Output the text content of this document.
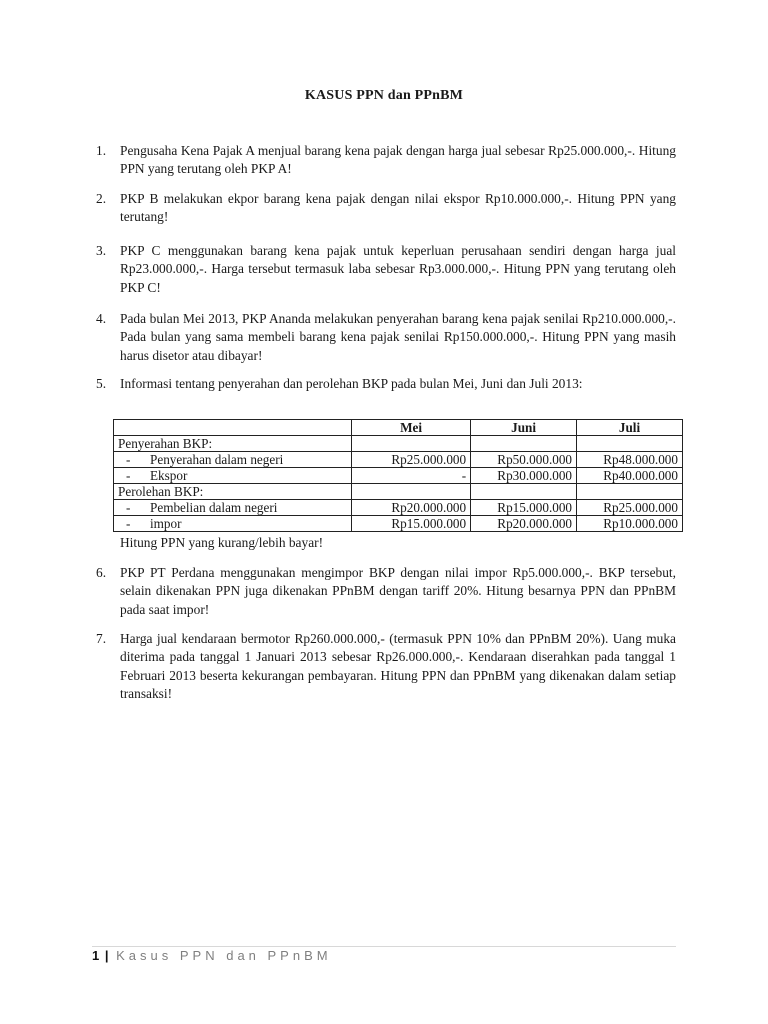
KASUS PPN dan PPnBM
1.	Pengusaha Kena Pajak A menjual barang kena pajak dengan harga jual sebesar Rp25.000.000,-. Hitung PPN yang terutang oleh PKP A!
2.	PKP B melakukan ekpor barang kena pajak dengan nilai ekspor Rp10.000.000,-. Hitung PPN yang terutang!
3.	PKP C menggunakan barang kena pajak untuk keperluan perusahaan sendiri dengan harga jual Rp23.000.000,-. Harga tersebut termasuk laba sebesar Rp3.000.000,-. Hitung PPN yang terutang oleh PKP C!
4.	Pada bulan Mei 2013, PKP Ananda melakukan penyerahan barang kena pajak senilai Rp210.000.000,-. Pada bulan yang sama membeli barang kena pajak senilai Rp150.000.000,-. Hitung PPN yang masih harus disetor atau dibayar!
5.	Informasi tentang penyerahan dan perolehan BKP pada bulan Mei, Juni dan Juli 2013:
	Mei	Juni	Juli
Penyerahan BKP:			
- Penyerahan dalam negeri	Rp25.000.000	Rp50.000.000	Rp48.000.000
- Ekspor	-	Rp30.000.000	Rp40.000.000
Perolehan BKP:			
- Pembelian dalam negeri	Rp20.000.000	Rp15.000.000	Rp25.000.000
- impor	Rp15.000.000	Rp20.000.000	Rp10.000.000
Hitung PPN yang kurang/lebih bayar!
6.	PKP PT Perdana menggunakan mengimpor BKP dengan nilai impor Rp5.000.000,-. BKP tersebut, selain dikenakan PPN juga dikenakan PPnBM dengan tariff 20%. Hitung besarnya PPN dan PPnBM pada saat impor!
7.	Harga jual kendaraan bermotor Rp260.000.000,- (termasuk PPN 10% dan PPnBM 20%). Uang muka diterima pada tanggal 1 Januari 2013 sebesar Rp26.000.000,-. Kendaraan diserahkan pada tanggal 1 Februari 2013 beserta kekurangan pembayaran. Hitung PPN dan PPnBM yang dikenakan dalam setiap transaksi!
1 | Kasus PPN dan PPnBM
